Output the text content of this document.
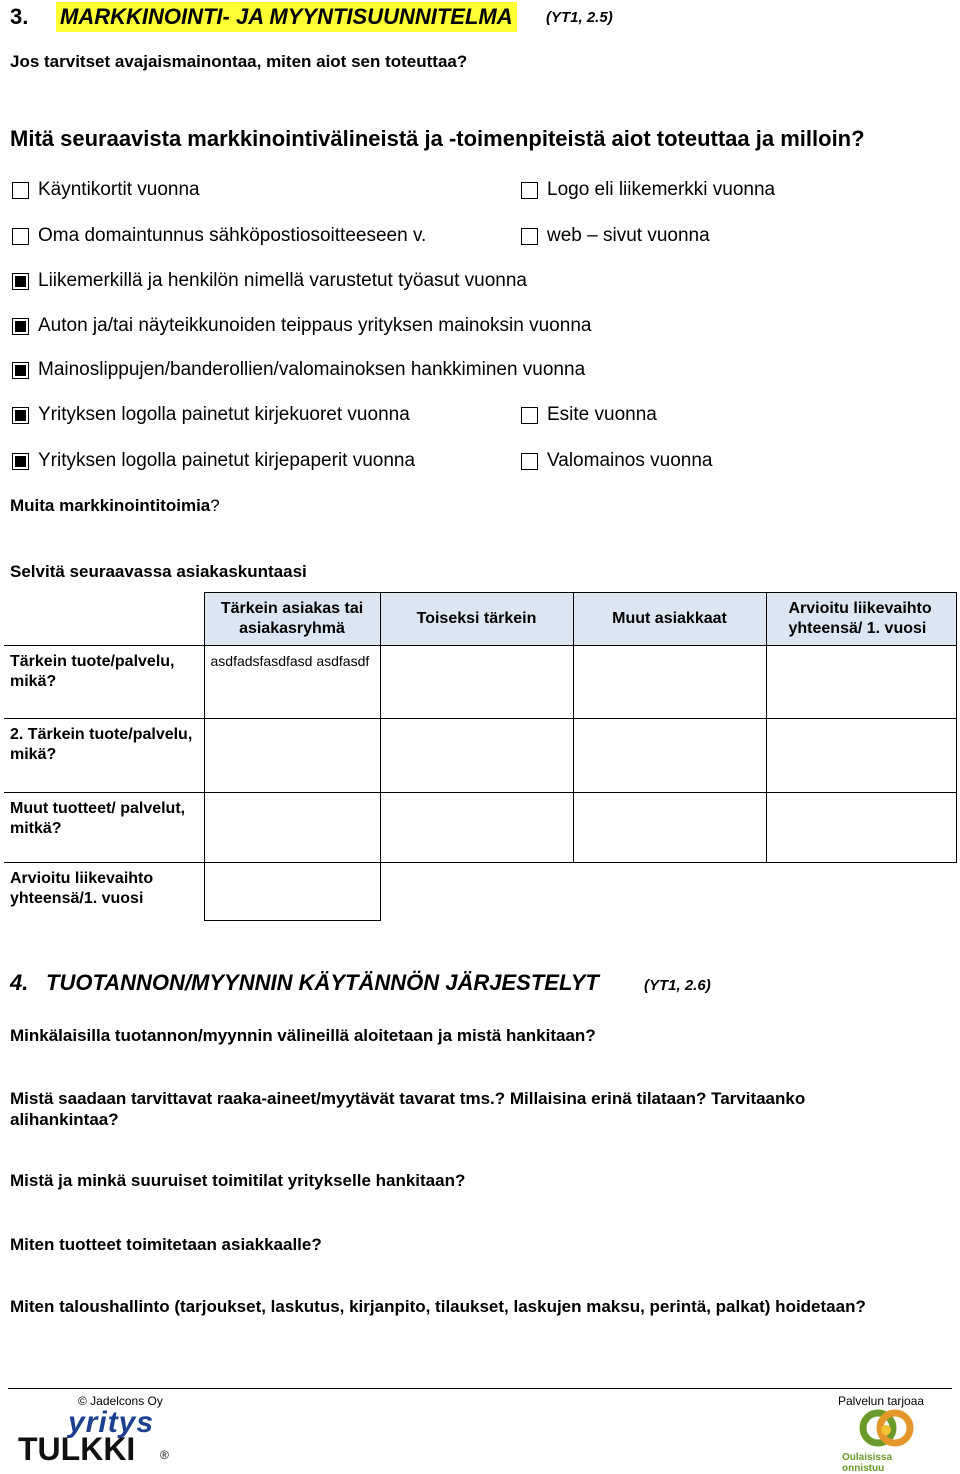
3. MARKKINOINTI- JA MYYNTISUUNNITELMA (YT1, 2.5)
Jos tarvitset avajaismainontaa, miten aiot sen toteuttaa?
Mitä seuraavista markkinointivälineistä ja -toimenpiteistä aiot toteuttaa ja milloin?
Käyntikortit vuonna	Logo eli liikemerkki vuonna
Oma domaintunnus sähköpostiosoitteeseen v.	web – sivut vuonna
Liikemerkillä ja henkilön nimellä varustetut työasut vuonna
Auton ja/tai näyteikkunoiden teippaus yrityksen mainoksin vuonna
Mainoslippujen/banderollien/valomainoksen hankkiminen vuonna
Yrityksen logolla painetut kirjekuoret vuonna	Esite vuonna
Yrityksen logolla painetut kirjepaperit vuonna	Valomainos vuonna
Muita markkinointitoimia?
Selvitä seuraavassa asiakaskuntaasi
	Tärkein asiakas tai asiakasryhmä	Toiseksi tärkein	Muut asiakkaat	Arvioitu liikevaihto yhteensä/ 1. vuosi
Tärkein tuote/palvelu, mikä?	asdfadsfasdfasd asdfasdf			
2. Tärkein tuote/palvelu, mikä?				
Muut tuotteet/ palvelut, mitkä?				
Arvioitu liikevaihto yhteensä/1. vuosi				
4. TUOTANNON/MYYNNIN KÄYTÄNNÖN JÄRJESTELYT	(YT1, 2.6)
Minkälaisilla tuotannon/myynnin välineillä aloitetaan ja mistä hankitaan?
Mistä saadaan tarvittavat raaka-aineet/myytävät tavarat tms.? Millaisina erinä tilataan? Tarvitaanko alihankintaa?
Mistä ja minkä suuruiset toimitilat yritykselle hankitaan?
Miten tuotteet toimitetaan asiakkaalle?
Miten taloushallinto (tarjoukset, laskutus, kirjanpito, tilaukset, laskujen maksu, perintä, palkat) hoidetaan?
© Jadelcons Oy
yritys
TULKKI ®
Palvelun tarjoaa
Oulaisissa onnistuu
